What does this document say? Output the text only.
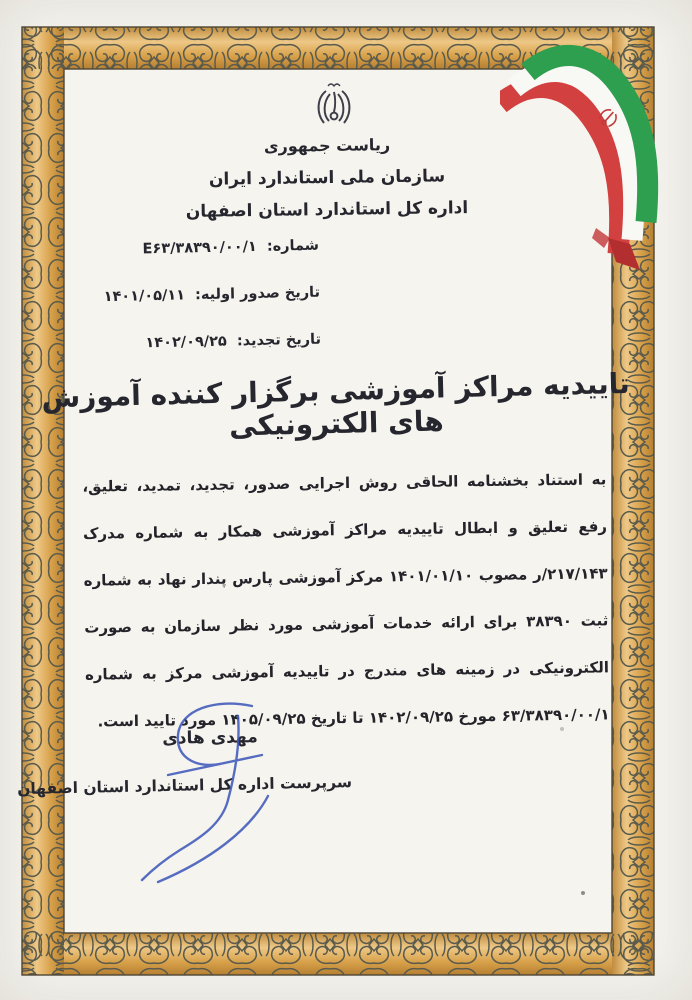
ریاست جمهوری
سازمان ملی استاندارد ایران
اداره کل استاندارد استان اصفهان
شماره: E۶۳/۳۸۳۹۰/۰۰/۱
تاریخ صدور اولیه: ۱۴۰۱/۰۵/۱۱
تاریخ تجدید: ۱۴۰۲/۰۹/۲۵
تاییدیه مراکز آموزشی برگزار کننده آموزش های الکترونیکی
به استناد بخشنامه الحاقی روش اجرایی صدور، تجدید، تمدید، تعلیق، رفع تعلیق و ابطال تاییدیه مراکز آموزشی همکار به شماره مدرک ۲۱۷/۱۴۳/ر مصوب ۱۴۰۱/۰۱/۱۰ مرکز آموزشی پارس پندار نهاد به شماره ثبت ۳۸۳۹۰ برای ارائه خدمات آموزشی مورد نظر سازمان به صورت الکترونیکی در زمینه های مندرج در تاییدیه آموزشی مرکز به شماره ۶۳/۳۸۳۹۰/۰۰/۱ مورخ ۱۴۰۲/۰۹/۲۵ تا تاریخ ۱۴۰۵/۰۹/۲۵ مورد تایید است.
مهدی هادی
سرپرست اداره کل استاندارد استان اصفهان
